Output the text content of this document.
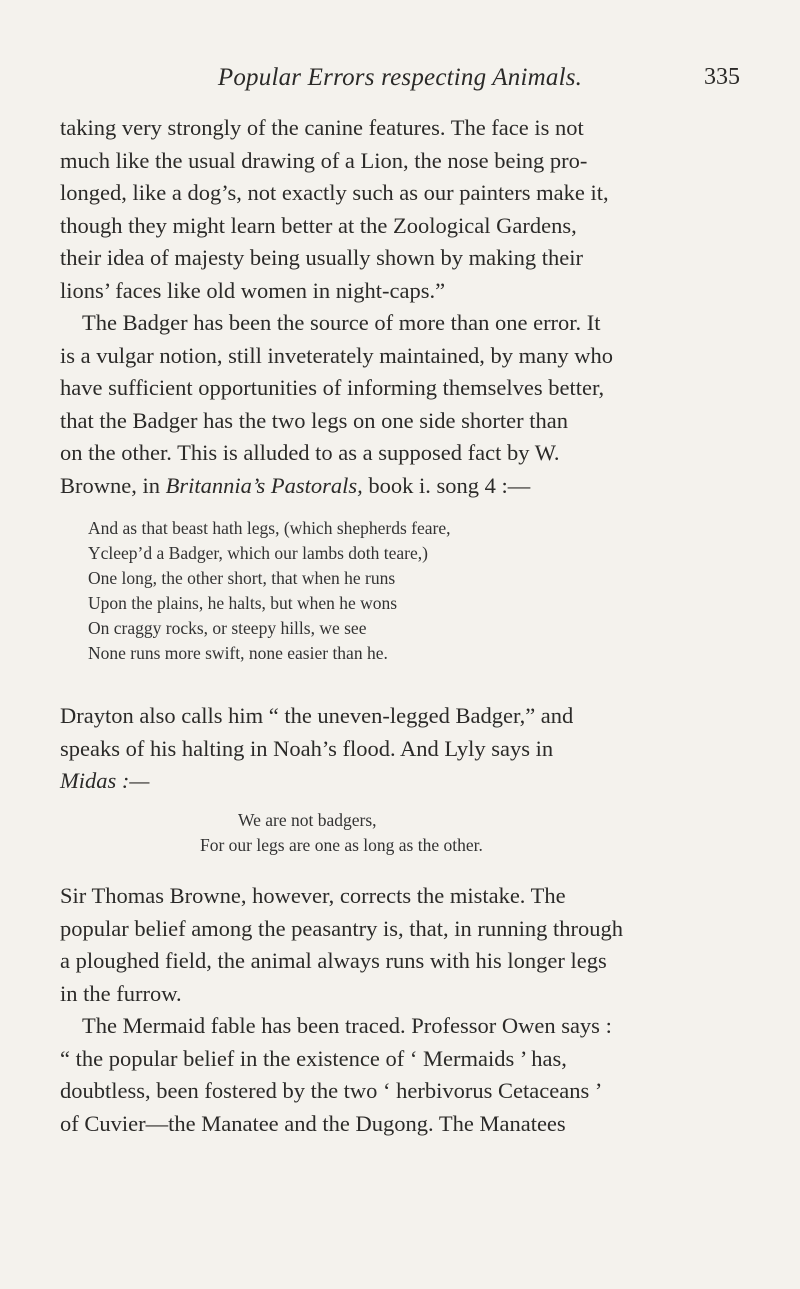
Popular Errors respecting Animals.	335
taking very strongly of the canine features. The face is not
much like the usual drawing of a Lion, the nose being pro-
longed, like a dog’s, not exactly such as our painters make it,
though they might learn better at the Zoological Gardens,
their idea of majesty being usually shown by making their
lions’ faces like old women in night-caps.”
The Badger has been the source of more than one error. It
is a vulgar notion, still inveterately maintained, by many who
have sufficient opportunities of informing themselves better,
that the Badger has the two legs on one side shorter than
on the other. This is alluded to as a supposed fact by W.
Browne, in Britannia’s Pastorals, book i. song 4 :—
And as that beast hath legs, (which shepherds feare,
Ycleep’d a Badger, which our lambs doth teare,)
One long, the other short, that when he runs
Upon the plains, he halts, but when he wons
On craggy rocks, or steepy hills, we see
None runs more swift, none easier than he.
Drayton also calls him “ the uneven-legged Badger,” and
speaks of his halting in Noah’s flood. And Lyly says in
Midas :—
We are not badgers,
For our legs are one as long as the other.
Sir Thomas Browne, however, corrects the mistake. The
popular belief among the peasantry is, that, in running through
a ploughed field, the animal always runs with his longer legs
in the furrow.
The Mermaid fable has been traced. Professor Owen says :
“ the popular belief in the existence of ‘ Mermaids ’ has,
doubtless, been fostered by the two ‘ herbivorus Cetaceans ’
of Cuvier—the Manatee and the Dugong. The Manatees
